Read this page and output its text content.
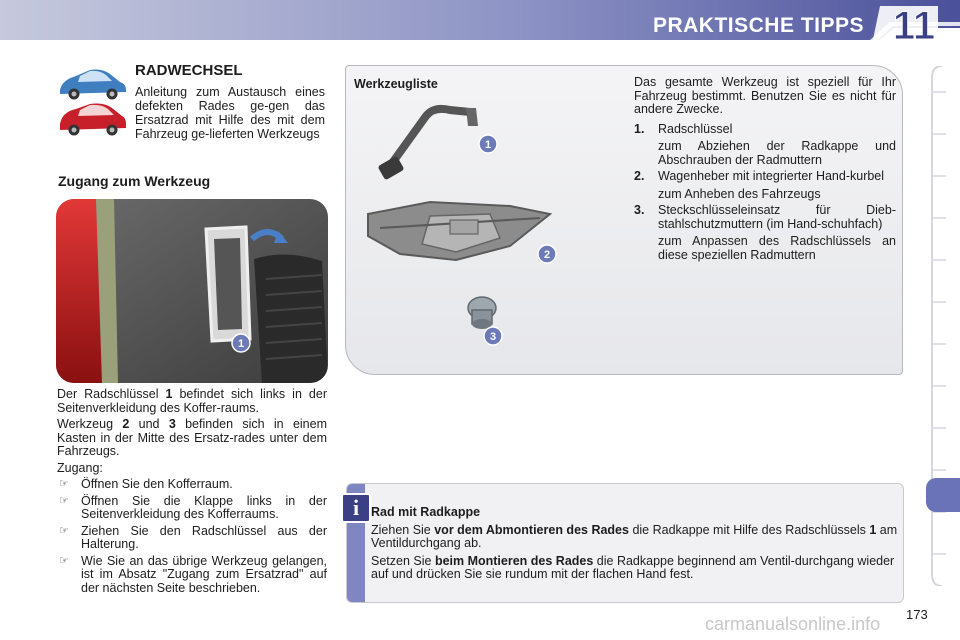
PRAKTISCHE TIPPS 11
RADWECHSEL
Anleitung zum Austausch eines defekten Rades ge-gen das Ersatzrad mit Hilfe des mit dem Fahrzeug ge-lieferten Werkzeugs
Zugang zum Werkzeug
1

Der Radschlüssel 1 befindet sich links in der Seitenverkleidung des Koffer-raums.

Werkzeug 2 und 3 befinden sich in einem Kasten in der Mitte des Ersatz-rades unter dem Fahrzeugs.

Zugang:

☞ Öffnen Sie den Kofferraum.
☞ Öffnen Sie die Klappe links in der Seitenverkleidung des Kofferraums.
☞ Ziehen Sie den Radschlüssel aus der Halterung.
☞ Wie Sie an das übrige Werkzeug gelangen, ist im Absatz "Zugang zum Ersatzrad" auf der nächsten Seite beschrieben.
Werkzeugliste
1
2
3

Das gesamte Werkzeug ist speziell für Ihr Fahrzeug bestimmt. Benutzen Sie es nicht für andere Zwecke.

1. Radschlüssel
zum Abziehen der Radkappe und Abschrauben der Radmuttern
2. Wagenheber mit integrierter Hand-kurbel
zum Anheben des Fahrzeugs
3. Steckschlüsseleinsatz für Dieb-stahlschutzmuttern (im Hand-schuhfach)
zum Anpassen des Radschlüssels an diese speziellen Radmuttern
i Rad mit Radkappe

Ziehen Sie vor dem Abmontieren des Rades die Radkappe mit Hilfe des Radschlüssels 1 am Ventildurchgang ab.

Setzen Sie beim Montieren des Rades die Radkappe beginnend am Ventil-durchgang wieder auf und drücken Sie sie rundum mit der flachen Hand fest.

carmanualsonline.info 173
